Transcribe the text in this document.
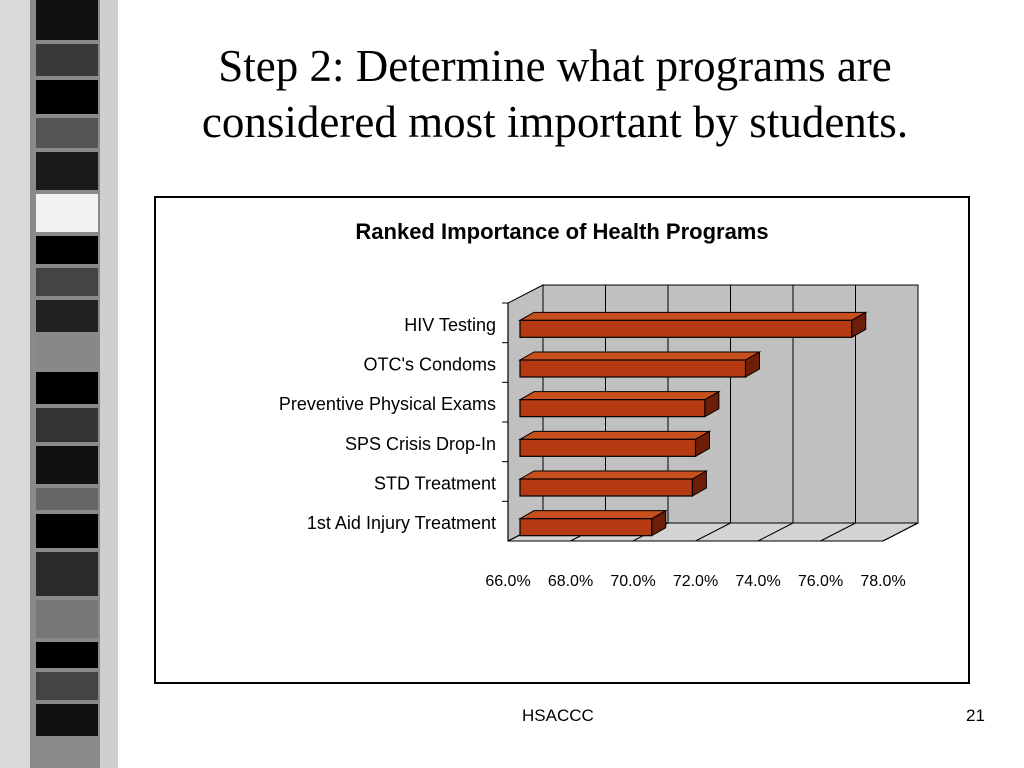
Step 2: Determine what programs are
considered most important by students.
Ranked Importance of Health Programs
HIV Testing
OTC's Condoms
Preventive Physical Exams
SPS Crisis Drop-In
STD Treatment
1st Aid Injury Treatment
66.0% 68.0% 70.0% 72.0% 74.0% 76.0% 78.0%
HSACCC	21
